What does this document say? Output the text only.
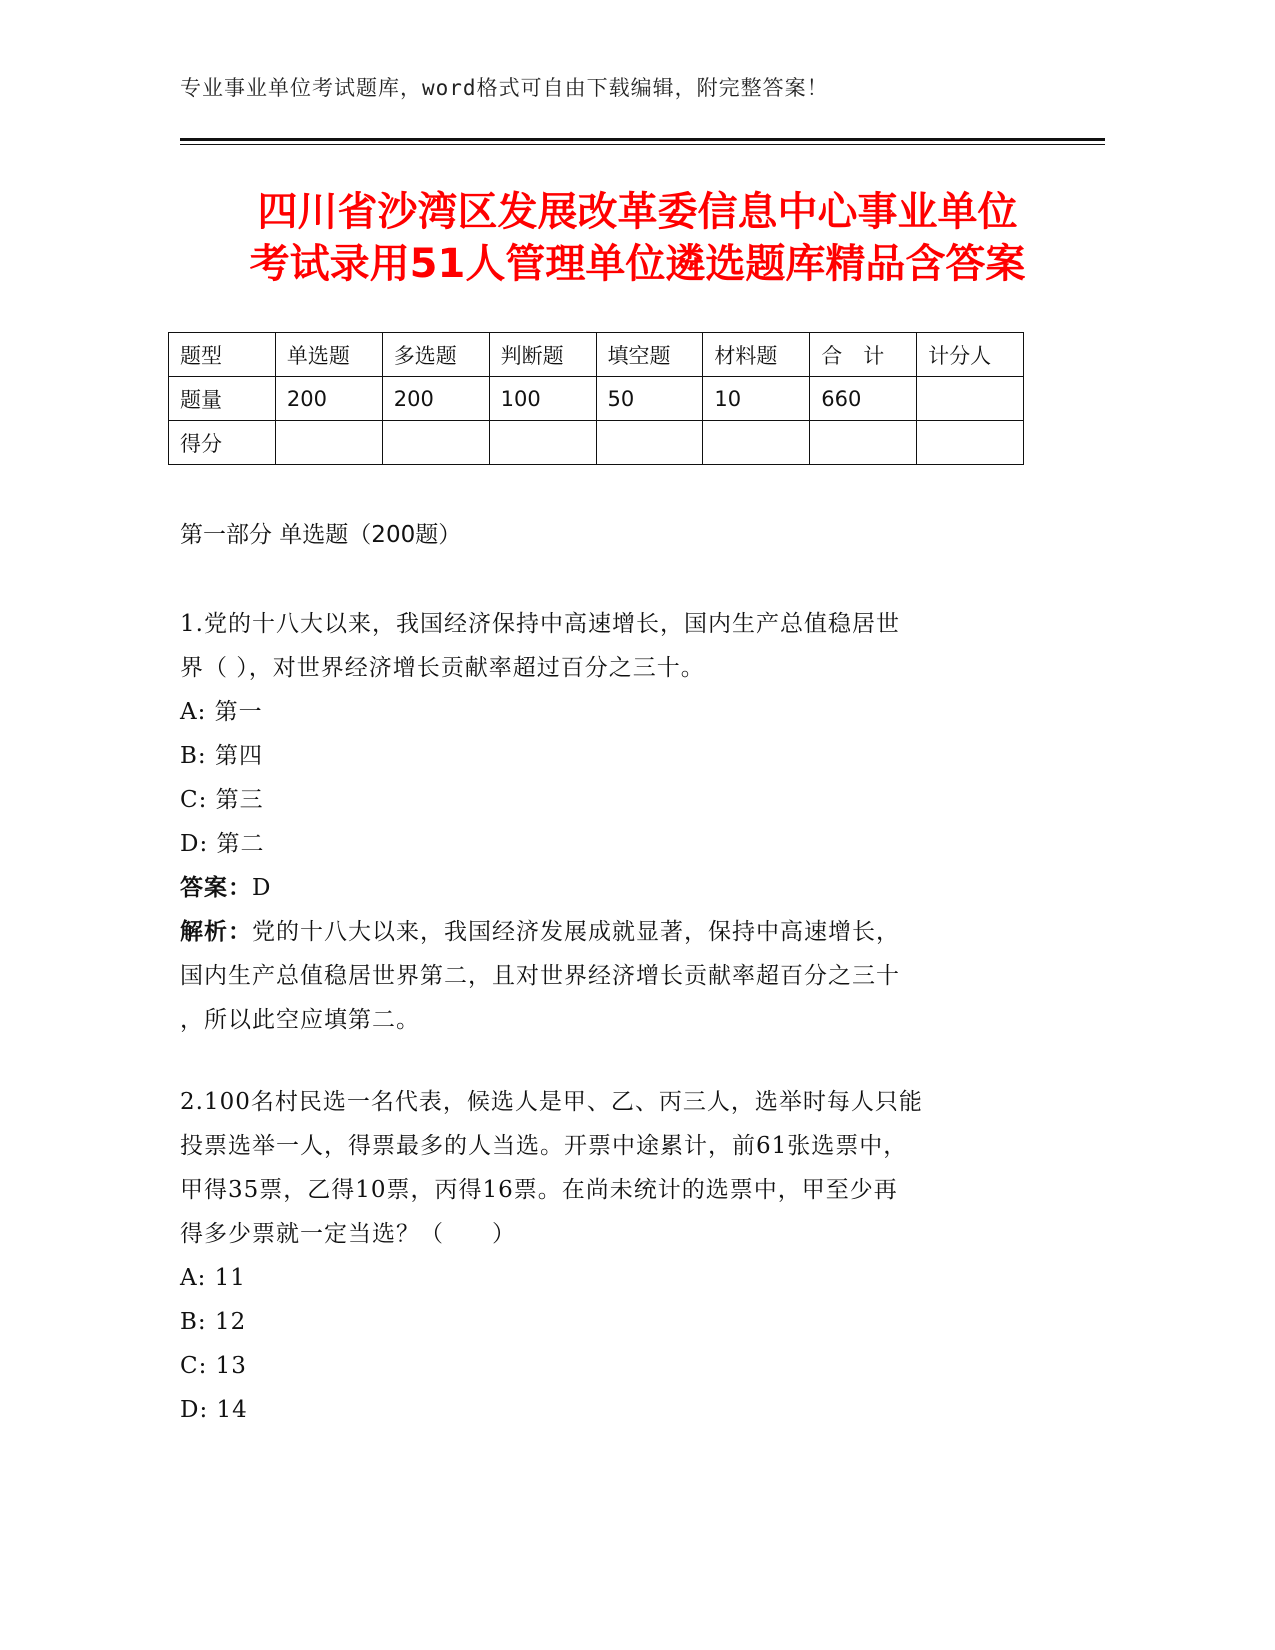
专业事业单位考试题库，word格式可自由下载编辑，附完整答案！
四川省沙湾区发展改革委信息中心事业单位
考试录用51人管理单位遴选题库精品含答案
题型	单选题	多选题	判断题	填空题	材料题	合　计	计分人
题量	200	200	100	50	10	660	
得分							
第一部分 单选题（200题）
1.党的十八大以来，我国经济保持中高速增长，国内生产总值稳居世
界（ ），对世界经济增长贡献率超过百分之三十。
A: 第一
B: 第四
C: 第三
D: 第二
答案：D
解析：党的十八大以来，我国经济发展成就显著，保持中高速增长，
国内生产总值稳居世界第二，且对世界经济增长贡献率超百分之三十
，所以此空应填第二。
2.100名村民选一名代表，候选人是甲、乙、丙三人，选举时每人只能
投票选举一人，得票最多的人当选。开票中途累计，前61张选票中，
甲得35票，乙得10票，丙得16票。在尚未统计的选票中，甲至少再
得多少票就一定当选？（　　）
A: 11
B: 12
C: 13
D: 14
